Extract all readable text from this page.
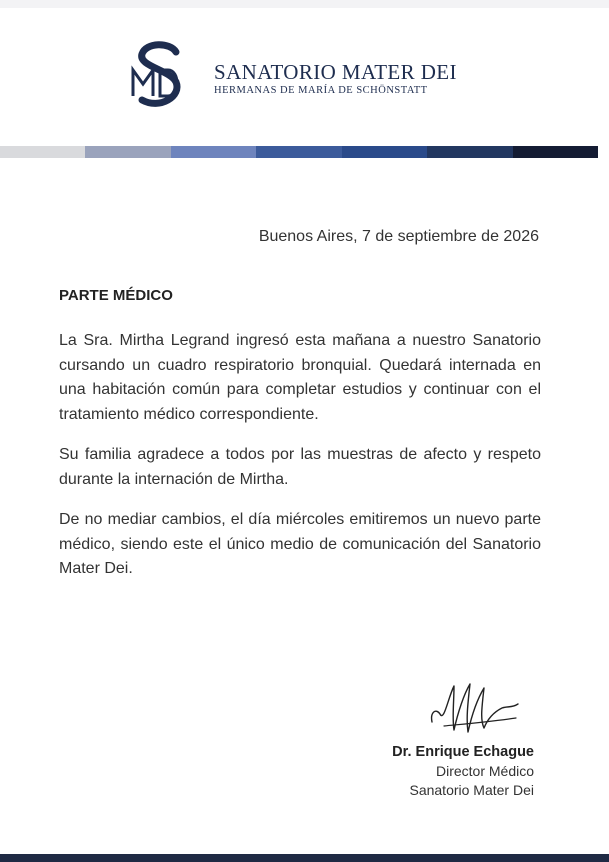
SANATORIO MATER DEI
HERMANAS DE MARÍA DE SCHÖNSTATT
Buenos Aires, 7 de septiembre de 2026
PARTE MÉDICO

La Sra. Mirtha Legrand ingresó esta mañana a nuestro Sanatorio cursando un cuadro respiratorio bronquial. Quedará internada en una habitación común para completar estudios y continuar con el tratamiento médico correspondiente.

Su familia agradece a todos por las muestras de afecto y respeto durante la internación de Mirtha.

De no mediar cambios, el día miércoles emitiremos un nuevo parte médico, siendo este el único medio de comunicación del Sanatorio Mater Dei.

Dr. Enrique Echague
Director Médico
Sanatorio Mater Dei
